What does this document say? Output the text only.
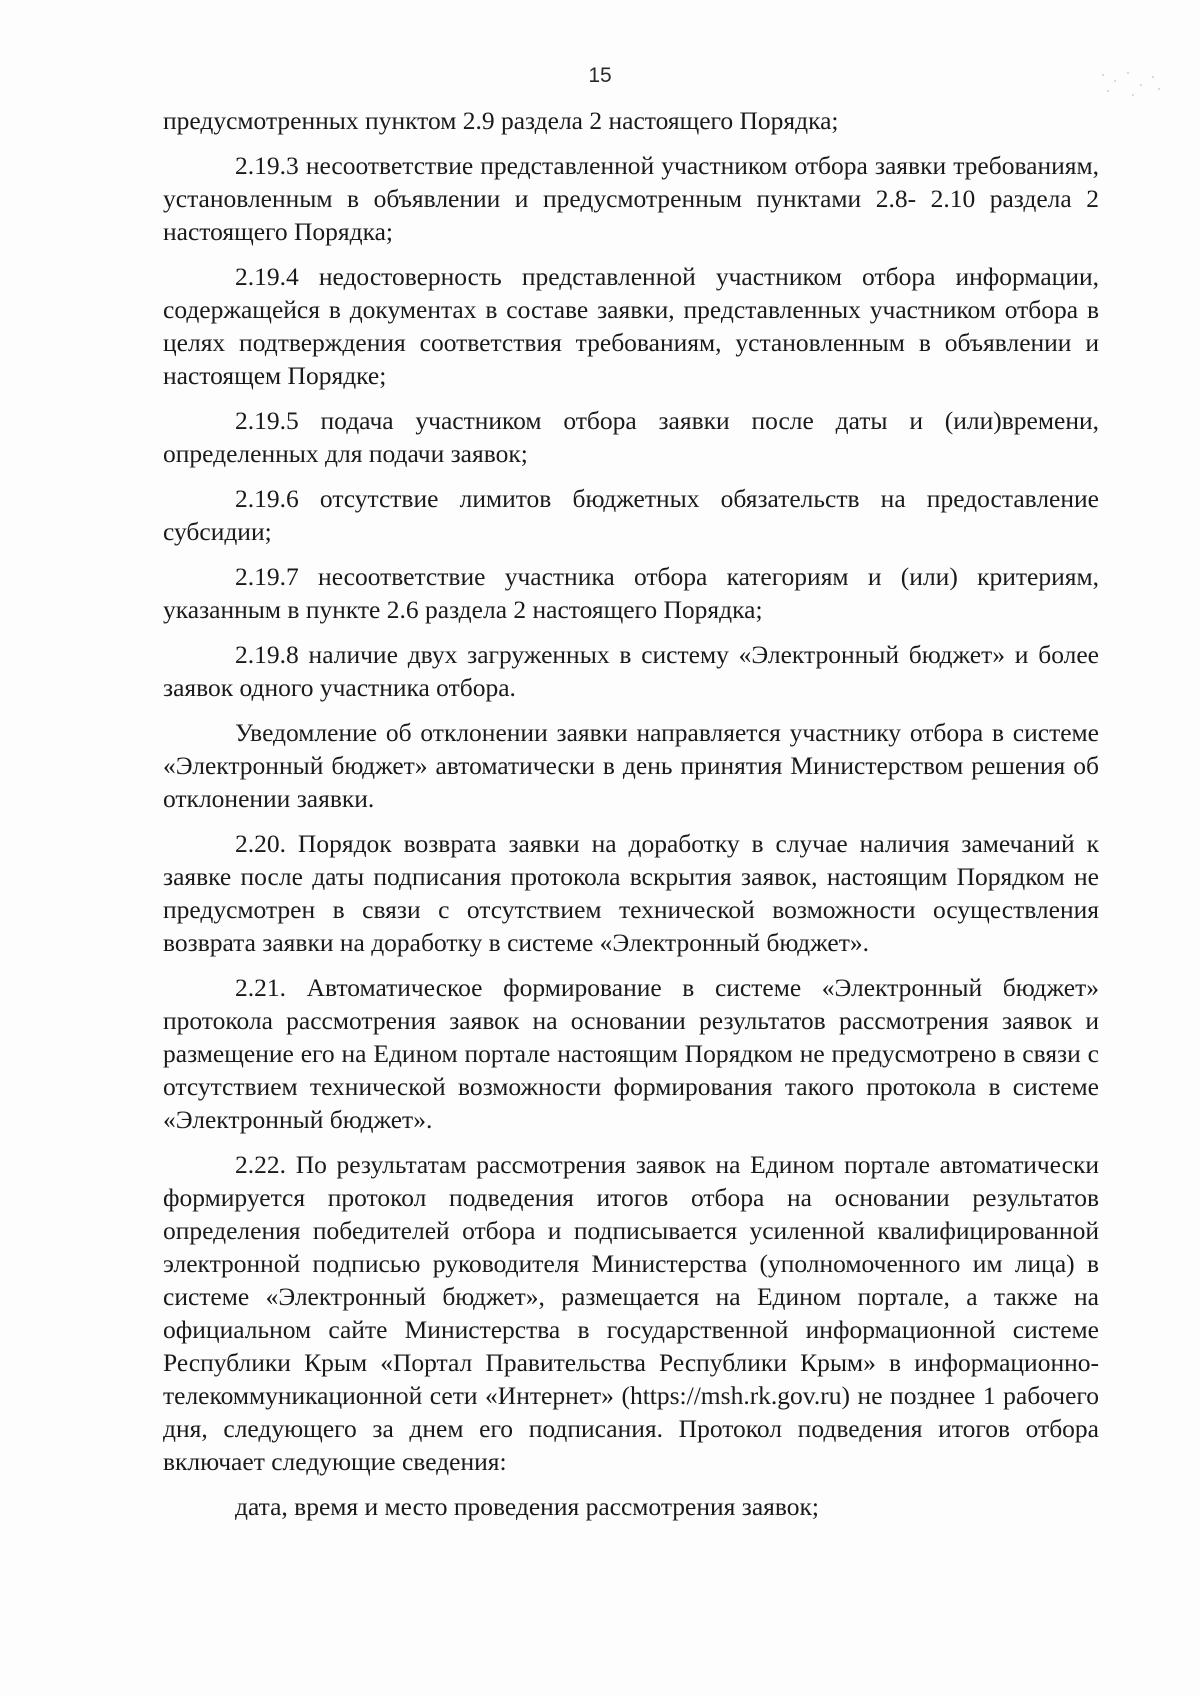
15

предусмотренных пунктом 2.9 раздела 2 настоящего Порядка;

2.19.3 несоответствие представленной участником отбора заявки требованиям, установленным в объявлении и предусмотренным пунктами 2.8- 2.10 раздела 2 настоящего Порядка;

2.19.4 недостоверность представленной участником отбора информации, содержащейся в документах в составе заявки, представленных участником отбора в целях подтверждения соответствия требованиям, установленным в объявлении и настоящем Порядке;

2.19.5 подача участником отбора заявки после даты и (или)времени, определенных для подачи заявок;

2.19.6 отсутствие лимитов бюджетных обязательств на предоставление субсидии;

2.19.7 несоответствие участника отбора категориям и (или) критериям, указанным в пункте 2.6 раздела 2 настоящего Порядка;

2.19.8 наличие двух загруженных в систему «Электронный бюджет» и более заявок одного участника отбора.

Уведомление об отклонении заявки направляется участнику отбора в системе «Электронный бюджет» автоматически в день принятия Министерством решения об отклонении заявки.

2.20. Порядок возврата заявки на доработку в случае наличия замечаний к заявке после даты подписания протокола вскрытия заявок, настоящим Порядком не предусмотрен в связи с отсутствием технической возможности осуществления возврата заявки на доработку в системе «Электронный бюджет».

2.21. Автоматическое формирование в системе «Электронный бюджет» протокола рассмотрения заявок на основании результатов рассмотрения заявок и размещение его на Едином портале настоящим Порядком не предусмотрено в связи с отсутствием технической возможности формирования такого протокола в системе «Электронный бюджет».

2.22. По результатам рассмотрения заявок на Едином портале автоматически формируется протокол подведения итогов отбора на основании результатов определения победителей отбора и подписывается усиленной квалифицированной электронной подписью руководителя Министерства (уполномоченного им лица) в системе «Электронный бюджет», размещается на Едином портале, а также на официальном сайте Министерства в государственной информационной системе Республики Крым «Портал Правительства Республики Крым» в информационно-телекоммуникационной сети «Интернет» (https://msh.rk.gov.ru) не позднее 1 рабочего дня, следующего за днем его подписания. Протокол подведения итогов отбора включает следующие сведения:

дата, время и место проведения рассмотрения заявок;
